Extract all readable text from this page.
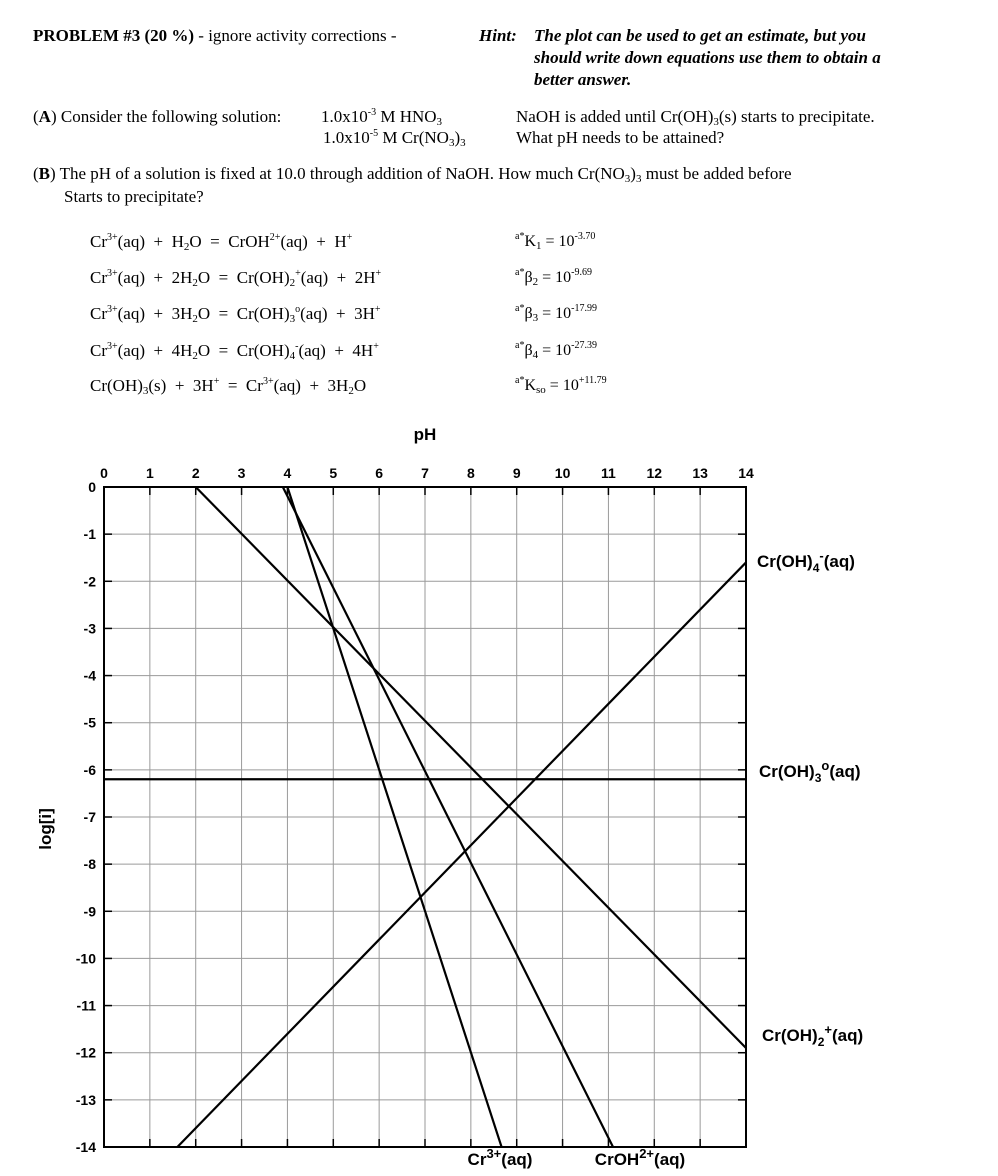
PROBLEM #3 (20 %) - ignore activity corrections -	Hint: The plot can be used to get an estimate, but you
should write down equations use them to obtain a
better answer.
(A) Consider the following solution: $1.0x10^{-3}$ M $HNO_3$
$1.0x10^{-5}$ M $Cr(NO_3)_3$
NaOH is added until $Cr(OH)_3(s)$ starts to precipitate.
What pH needs to be attained?
(B) The pH of a solution is fixed at 10.0 through addition of NaOH. How much $Cr(NO_3)_3$ must be added before
Starts to precipitate?
$Cr^{3+}(aq) + H_2O$  =  CrOH$^{2+}$(aq)  +  H+	$^{a*}K_1 = 10^{-3.70}$
$Cr^{3+}(aq) + 2H_2O = Cr(OH)_2^+(aq) + 2H^+$	$^{a*}\beta_2 = 10^{-9.69}$
$Cr^{3+}(aq) + 3H_2O = Cr(OH)_3^o(aq) + 3H^+$	$^{a*}\beta_3 = 10^{-17.99}$
$Cr^{3+}(aq) + 4H_2O = Cr(OH)_4^-(aq) + 4H^+$	$^{a*}\beta_4 = 10^{-27.39}$
$Cr(OH)_3(s) + 3H^+ = Cr^{3+}(aq) + 3H_2O$	$^{a*}K_{so} = 10^{+11.79}$
pH
log[i]
0	1	2	3	4	5	6	7	8	9 10 11 12 13 14
0
-1
-2
-3
-4
-5
-6
-7
-8
-9
-10
-11
-12
-13
-14
$Cr^{3+}(aq)$	CrOH$^{2+}$(aq)
$Cr(OH)_2^+(aq)$
$Cr(OH)_3^o(aq)$
$Cr(OH)_4^-(aq)$
